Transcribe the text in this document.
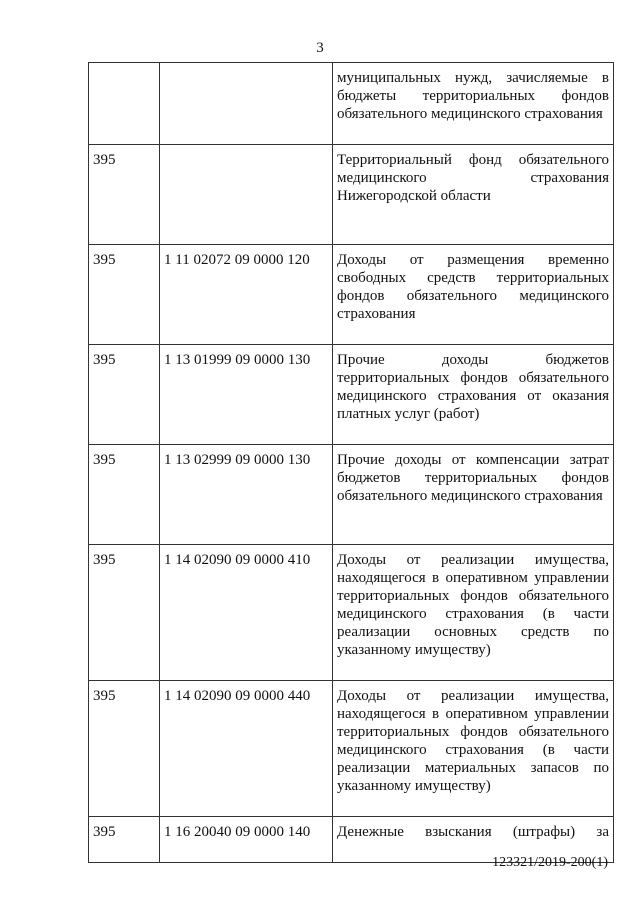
3

		муниципальных нужд, зачисляемые в бюджеты территориальных фондов обязательного медицинского страхования

395		Территориальный фонд обязательного медицинского страхования Нижегородской области

395	1 11 02072 09 0000 120	Доходы от размещения временно свободных средств территориальных фондов обязательного медицинского страхования

395	1 13 01999 09 0000 130	Прочие доходы бюджетов территориальных фондов обязательного медицинского страхования от оказания платных услуг (работ)

395	1 13 02999 09 0000 130	Прочие доходы от компенсации затрат бюджетов территориальных фондов обязательного медицинского страхования

395	1 14 02090 09 0000 410	Доходы от реализации имущества, находящегося в оперативном управлении территориальных фондов обязательного медицинского страхования (в части реализации основных средств по указанному имуществу)

395	1 14 02090 09 0000 440	Доходы от реализации имущества, находящегося в оперативном управлении территориальных фондов обязательного медицинского страхования (в части реализации материальных запасов по указанному имуществу)

395	1 16 20040 09 0000 140	Денежные взыскания (штрафы) за
123321/2019-200(1)
